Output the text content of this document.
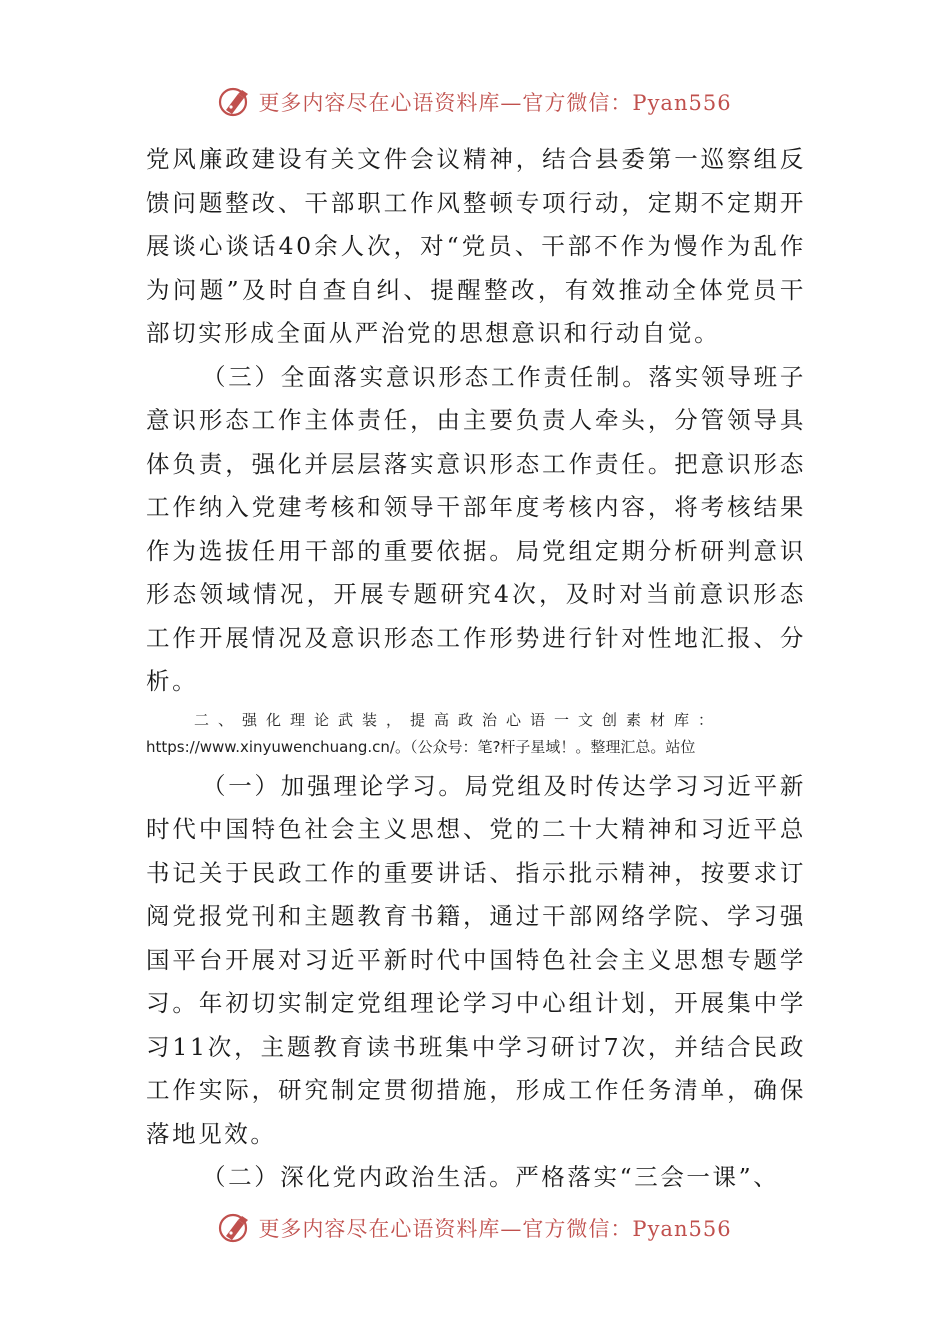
更多内容尽在心语资料库—官方微信：Pyan556

党风廉政建设有关文件会议精神，结合县委第一巡察组反馈问题整改、干部职工作风整顿专项行动，定期不定期开展谈心谈话40余人次，对“党员、干部不作为慢作为乱作为问题”及时自查自纠、提醒整改，有效推动全体党员干部切实形成全面从严治党的思想意识和行动自觉。

（三）全面落实意识形态工作责任制。落实领导班子意识形态工作主体责任，由主要负责人牵头，分管领导具体负责，强化并层层落实意识形态工作责任。把意识形态工作纳入党建考核和领导干部年度考核内容，将考核结果作为选拔任用干部的重要依据。局党组定期分析研判意识形态领域情况，开展专题研究4次，及时对当前意识形态工作开展情况及意识形态工作形势进行针对性地汇报、分析。

二、强化理论武装，提高政治心语一文创素材库：https://www.xinyuwenchuang.cn/。（公众号：笔?杆子星域！。整理汇总。站位

（一）加强理论学习。局党组及时传达学习习近平新时代中国特色社会主义思想、党的二十大精神和习近平总书记关于民政工作的重要讲话、指示批示精神，按要求订阅党报党刊和主题教育书籍，通过干部网络学院、学习强国平台开展对习近平新时代中国特色社会主义思想专题学习。年初切实制定党组理论学习中心组计划，开展集中学习11次，主题教育读书班集中学习研讨7次，并结合民政工作实际，研究制定贯彻措施，形成工作任务清单，确保落地见效。

（二）深化党内政治生活。严格落实“三会一课”、

更多内容尽在心语资料库—官方微信：Pyan556
